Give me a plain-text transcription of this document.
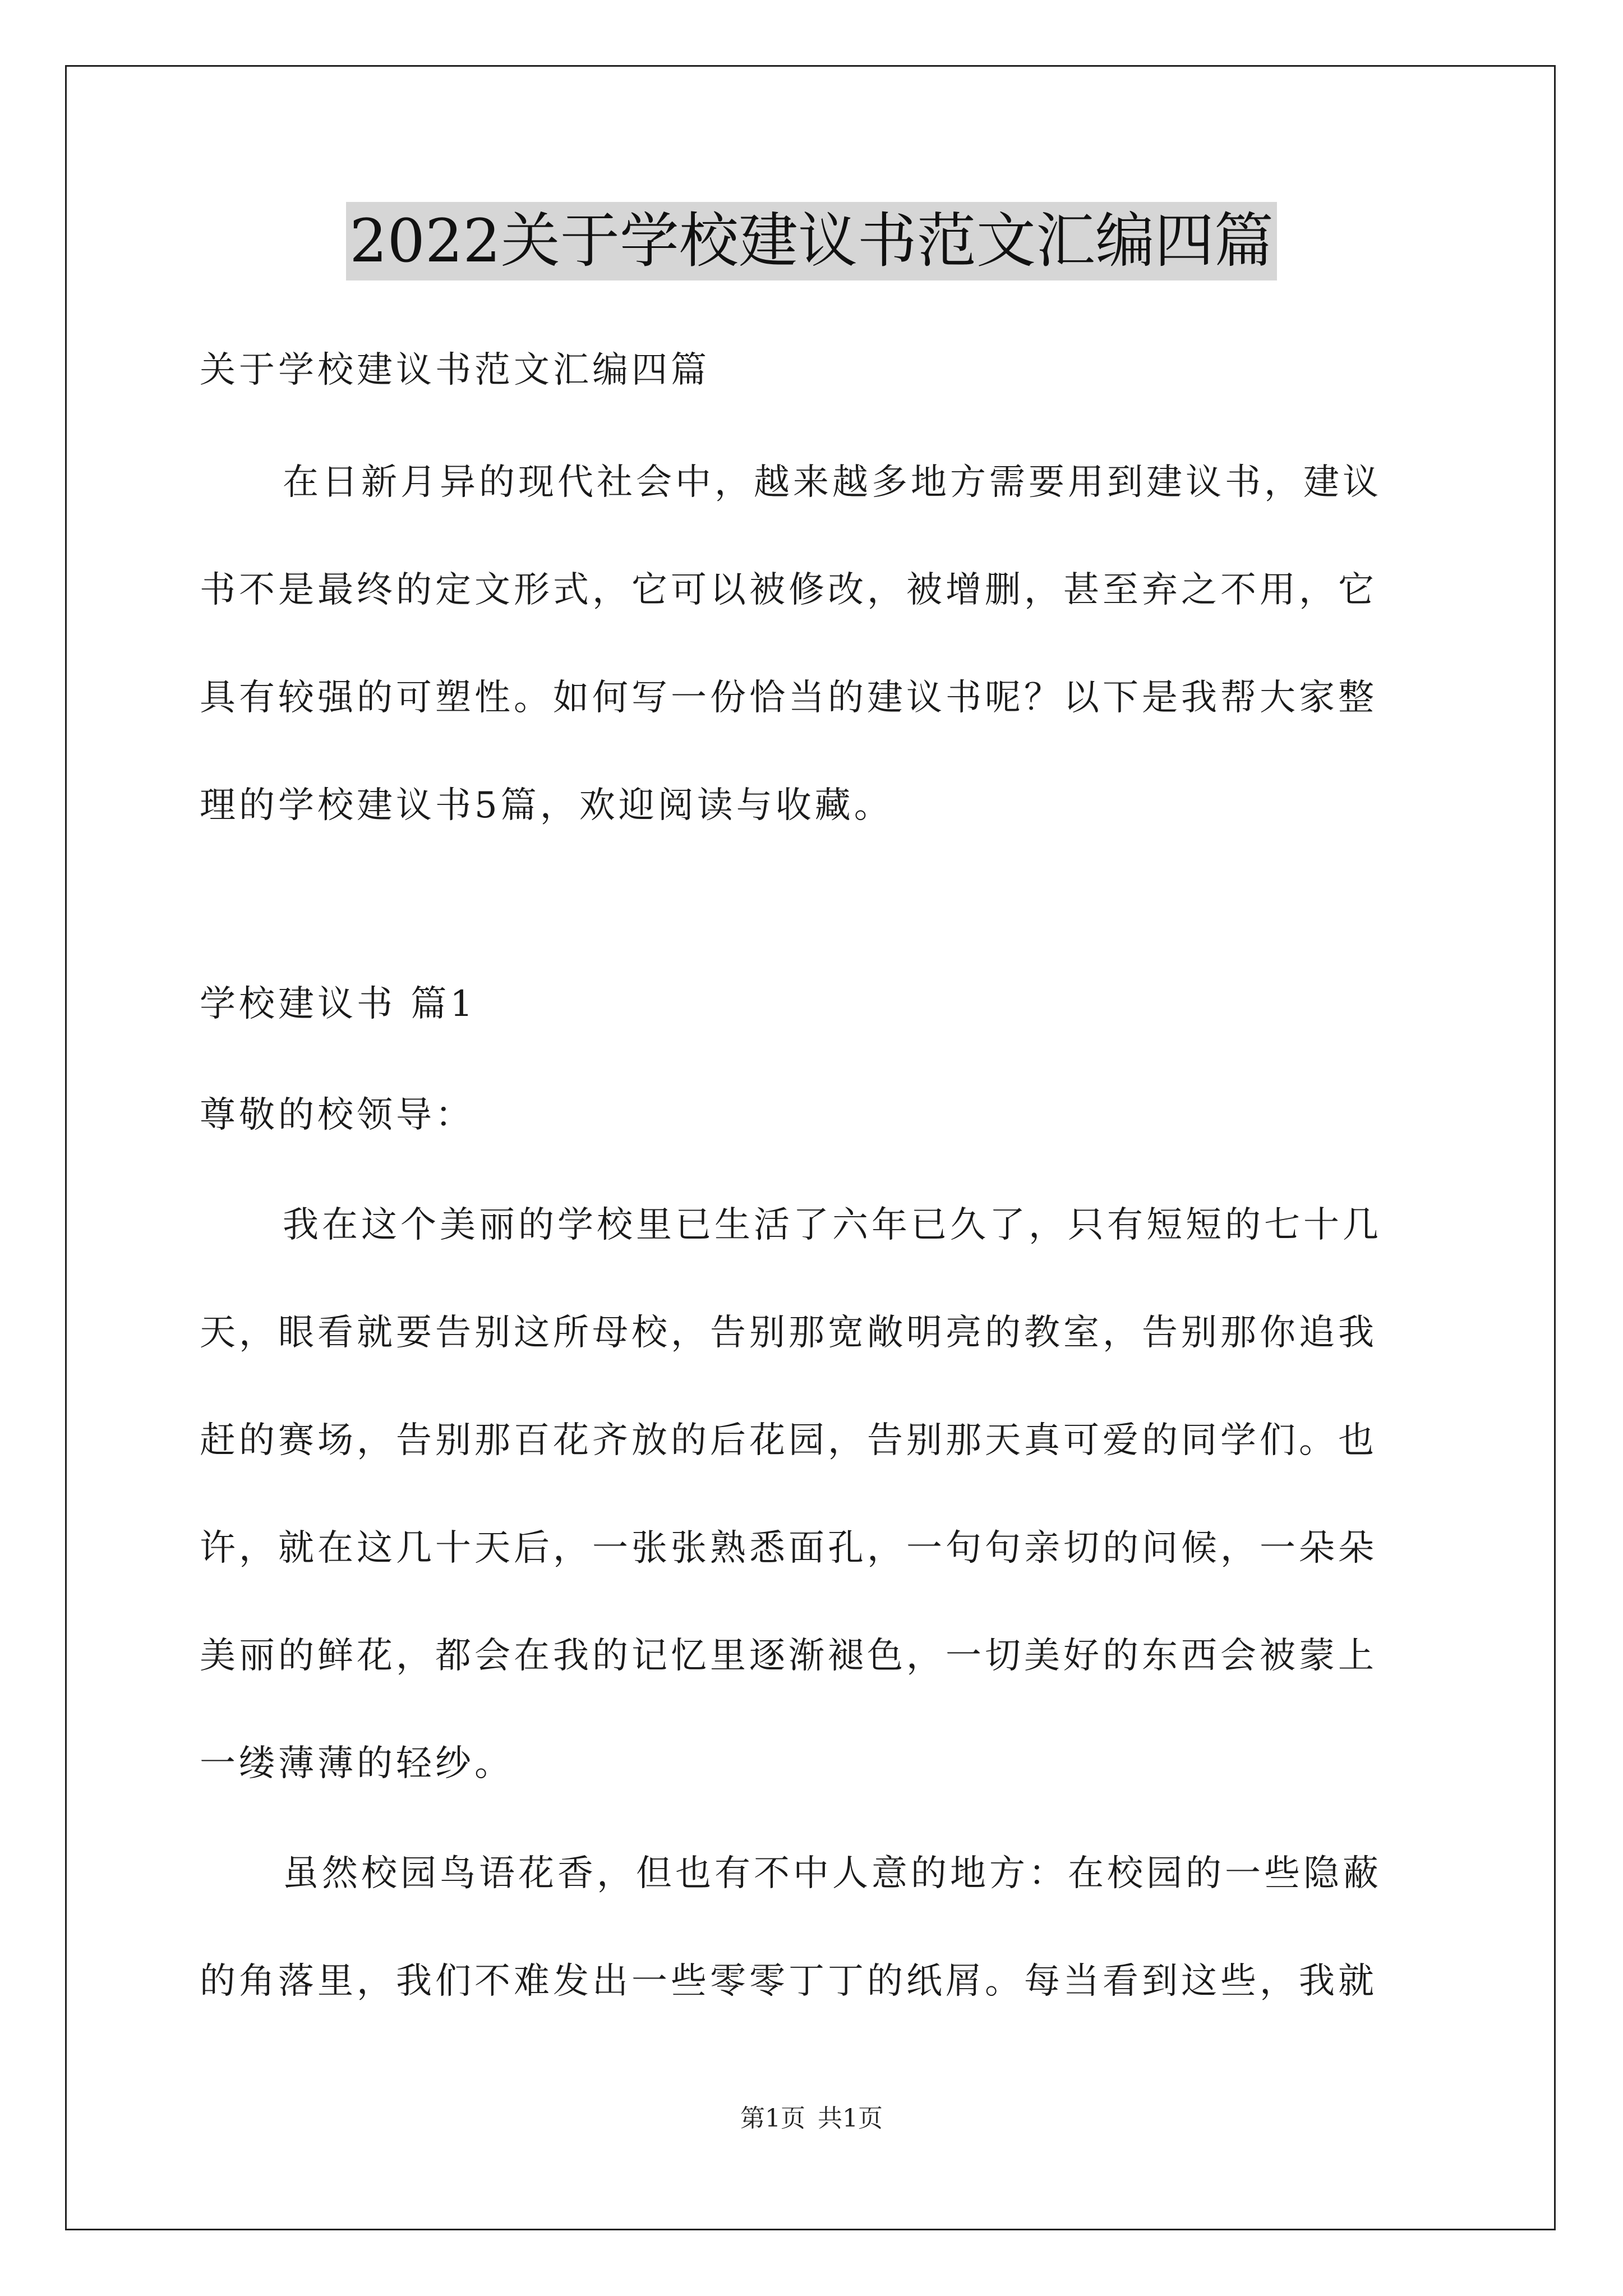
2022关于学校建议书范文汇编四篇
关于学校建议书范文汇编四篇
在日新月异的现代社会中，越来越多地方需要用到建议书，建议
书不是最终的定文形式，它可以被修改，被增删，甚至弃之不用，它
具有较强的可塑性。如何写一份恰当的建议书呢？以下是我帮大家整
理的学校建议书5篇，欢迎阅读与收藏。
学校建议书 篇1
尊敬的校领导：
我在这个美丽的学校里已生活了六年已久了，只有短短的七十几
天，眼看就要告别这所母校，告别那宽敞明亮的教室，告别那你追我
赶的赛场，告别那百花齐放的后花园，告别那天真可爱的同学们。也
许，就在这几十天后，一张张熟悉面孔，一句句亲切的问候，一朵朵
美丽的鲜花，都会在我的记忆里逐渐褪色，一切美好的东西会被蒙上
一缕薄薄的轻纱。
虽然校园鸟语花香，但也有不中人意的地方：在校园的一些隐蔽
的角落里，我们不难发出一些零零丁丁的纸屑。每当看到这些，我就
第1页 共1页
